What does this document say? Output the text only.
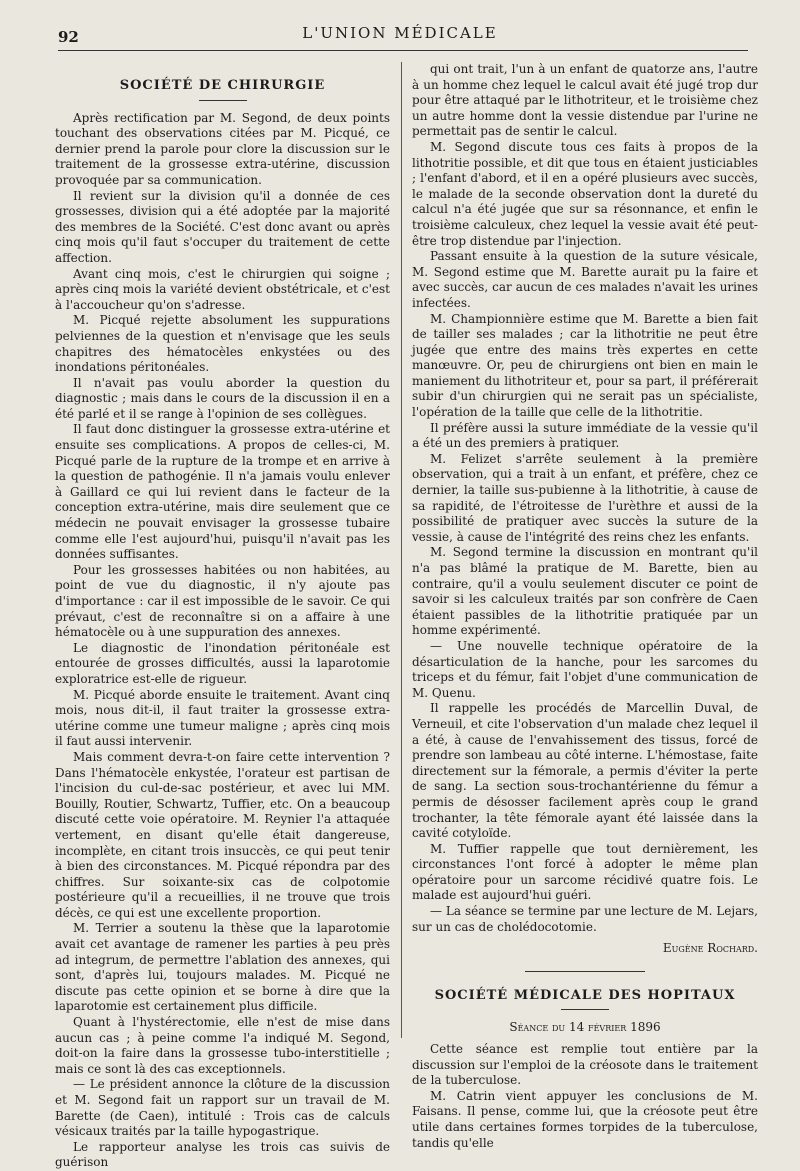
92	L'UNION MÉDICALE
SOCIÉTÉ DE CHIRURGIE

Après rectification par M. Segond, de deux points touchant des observations citées par M. Picqué, ce dernier prend la parole pour clore la discussion sur le traitement de la grossesse extra-utérine, discussion provoquée par sa communication.

Il revient sur la division qu'il a donnée de ces grossesses, division qui a été adoptée par la majorité des membres de la Société. C'est donc avant ou après cinq mois qu'il faut s'occuper du traitement de cette affection.

Avant cinq mois, c'est le chirurgien qui soigne ; après cinq mois la variété devient obstétricale, et c'est à l'accoucheur qu'on s'adresse.

M. Picqué rejette absolument les suppurations pelviennes de la question et n'envisage que les seuls chapitres des hématocèles enkystées ou des inondations péritonéales.

Il n'avait pas voulu aborder la question du diagnostic ; mais dans le cours de la discussion il en a été parlé et il se range à l'opinion de ses collègues.

Il faut donc distinguer la grossesse extra-utérine et ensuite ses complications. A propos de celles-ci, M. Picqué parle de la rupture de la trompe et en arrive à la question de pathogénie. Il n'a jamais voulu enlever à Gaillard ce qui lui revient dans le facteur de la conception extra-utérine, mais dire seulement que ce médecin ne pouvait envisager la grossesse tubaire comme elle l'est aujourd'hui, puisqu'il n'avait pas les données suffisantes.

Pour les grossesses habitées ou non habitées, au point de vue du diagnostic, il n'y ajoute pas d'importance : car il est impossible de le savoir. Ce qui prévaut, c'est de reconnaître si on a affaire à une hématocèle ou à une suppuration des annexes.

Le diagnostic de l'inondation péritonéale est entourée de grosses difficultés, aussi la laparotomie exploratrice est-elle de rigueur.

M. Picqué aborde ensuite le traitement. Avant cinq mois, nous dit-il, il faut traiter la grossesse extra-utérine comme une tumeur maligne ; après cinq mois il faut aussi intervenir.

Mais comment devra-t-on faire cette intervention ? Dans l'hématocèle enkystée, l'orateur est partisan de l'incision du cul-de-sac postérieur, et avec lui MM. Bouilly, Routier, Schwartz, Tuffier, etc. On a beaucoup discuté cette voie opératoire. M. Reynier l'a attaquée vertement, en disant qu'elle était dangereuse, incomplète, en citant trois insuccès, ce qui peut tenir à bien des circonstances. M. Picqué répondra par des chiffres. Sur soixante-six cas de colpotomie postérieure qu'il a recueillies, il ne trouve que trois décès, ce qui est une excellente proportion.

M. Terrier a soutenu la thèse que la laparotomie avait cet avantage de ramener les parties à peu près ad integrum, de permettre l'ablation des annexes, qui sont, d'après lui, toujours malades. M. Picqué ne discute pas cette opinion et se borne à dire que la laparotomie est certainement plus difficile.

Quant à l'hystérectomie, elle n'est de mise dans aucun cas ; à peine comme l'a indiqué M. Segond, doit-on la faire dans la grossesse tubo-interstitielle ; mais ce sont là des cas exceptionnels.

— Le président annonce la clôture de la discussion et M. Segond fait un rapport sur un travail de M. Barette (de Caen), intitulé : Trois cas de calculs vésicaux traités par la taille hypogastrique.

Le rapporteur analyse les trois cas suivis de guérison

qui ont trait, l'un à un enfant de quatorze ans, l'autre à un homme chez lequel le calcul avait été jugé trop dur pour être attaqué par le lithotriteur, et le troisième chez un autre homme dont la vessie distendue par l'urine ne permettait pas de sentir le calcul.

M. Segond discute tous ces faits à propos de la lithotritie possible, et dit que tous en étaient justiciables ; l'enfant d'abord, et il en a opéré plusieurs avec succès, le malade de la seconde observation dont la dureté du calcul n'a été jugée que sur sa résonnance, et enfin le troisième calculeux, chez lequel la vessie avait été peut-être trop distendue par l'injection.

Passant ensuite à la question de la suture vésicale, M. Segond estime que M. Barette aurait pu la faire et avec succès, car aucun de ces malades n'avait les urines infectées.

M. Championnière estime que M. Barette a bien fait de tailler ses malades ; car la lithotritie ne peut être jugée que entre des mains très expertes en cette manœuvre. Or, peu de chirurgiens ont bien en main le maniement du lithotriteur et, pour sa part, il préférerait subir d'un chirurgien qui ne serait pas un spécialiste, l'opération de la taille que celle de la lithotritie.

Il préfère aussi la suture immédiate de la vessie qu'il a été un des premiers à pratiquer.

M. Felizet s'arrête seulement à la première observation, qui a trait à un enfant, et préfère, chez ce dernier, la taille sus-pubienne à la lithotritie, à cause de sa rapidité, de l'étroitesse de l'urèthre et aussi de la possibilité de pratiquer avec succès la suture de la vessie, à cause de l'intégrité des reins chez les enfants.

M. Segond termine la discussion en montrant qu'il n'a pas blâmé la pratique de M. Barette, bien au contraire, qu'il a voulu seulement discuter ce point de savoir si les calculeux traités par son confrère de Caen étaient passibles de la lithotritie pratiquée par un homme expérimenté.

— Une nouvelle technique opératoire de la désarticulation de la hanche, pour les sarcomes du triceps et du fémur, fait l'objet d'une communication de M. Quenu.

Il rappelle les procédés de Marcellin Duval, de Verneuil, et cite l'observation d'un malade chez lequel il a été, à cause de l'envahissement des tissus, forcé de prendre son lambeau au côté interne. L'hémostase, faite directement sur la fémorale, a permis d'éviter la perte de sang. La section sous-trochantérienne du fémur a permis de désosser facilement après coup le grand trochanter, la tête fémorale ayant été laissée dans la cavité cotyloïde.

M. Tuffier rappelle que tout dernièrement, les circonstances l'ont forcé à adopter le même plan opératoire pour un sarcome récidivé quatre fois. Le malade est aujourd'hui guéri.

— La séance se termine par une lecture de M. Lejars, sur un cas de cholédocotomie.

Eugène Rochard.

SOCIÉTÉ MÉDICALE DES HOPITAUX

Séance du 14 février 1896

Cette séance est remplie tout entière par la discussion sur l'emploi de la créosote dans le traitement de la tuberculose.

M. Catrin vient appuyer les conclusions de M. Faisans. Il pense, comme lui, que la créosote peut être utile dans certaines formes torpides de la tuberculose, tandis qu'elle
